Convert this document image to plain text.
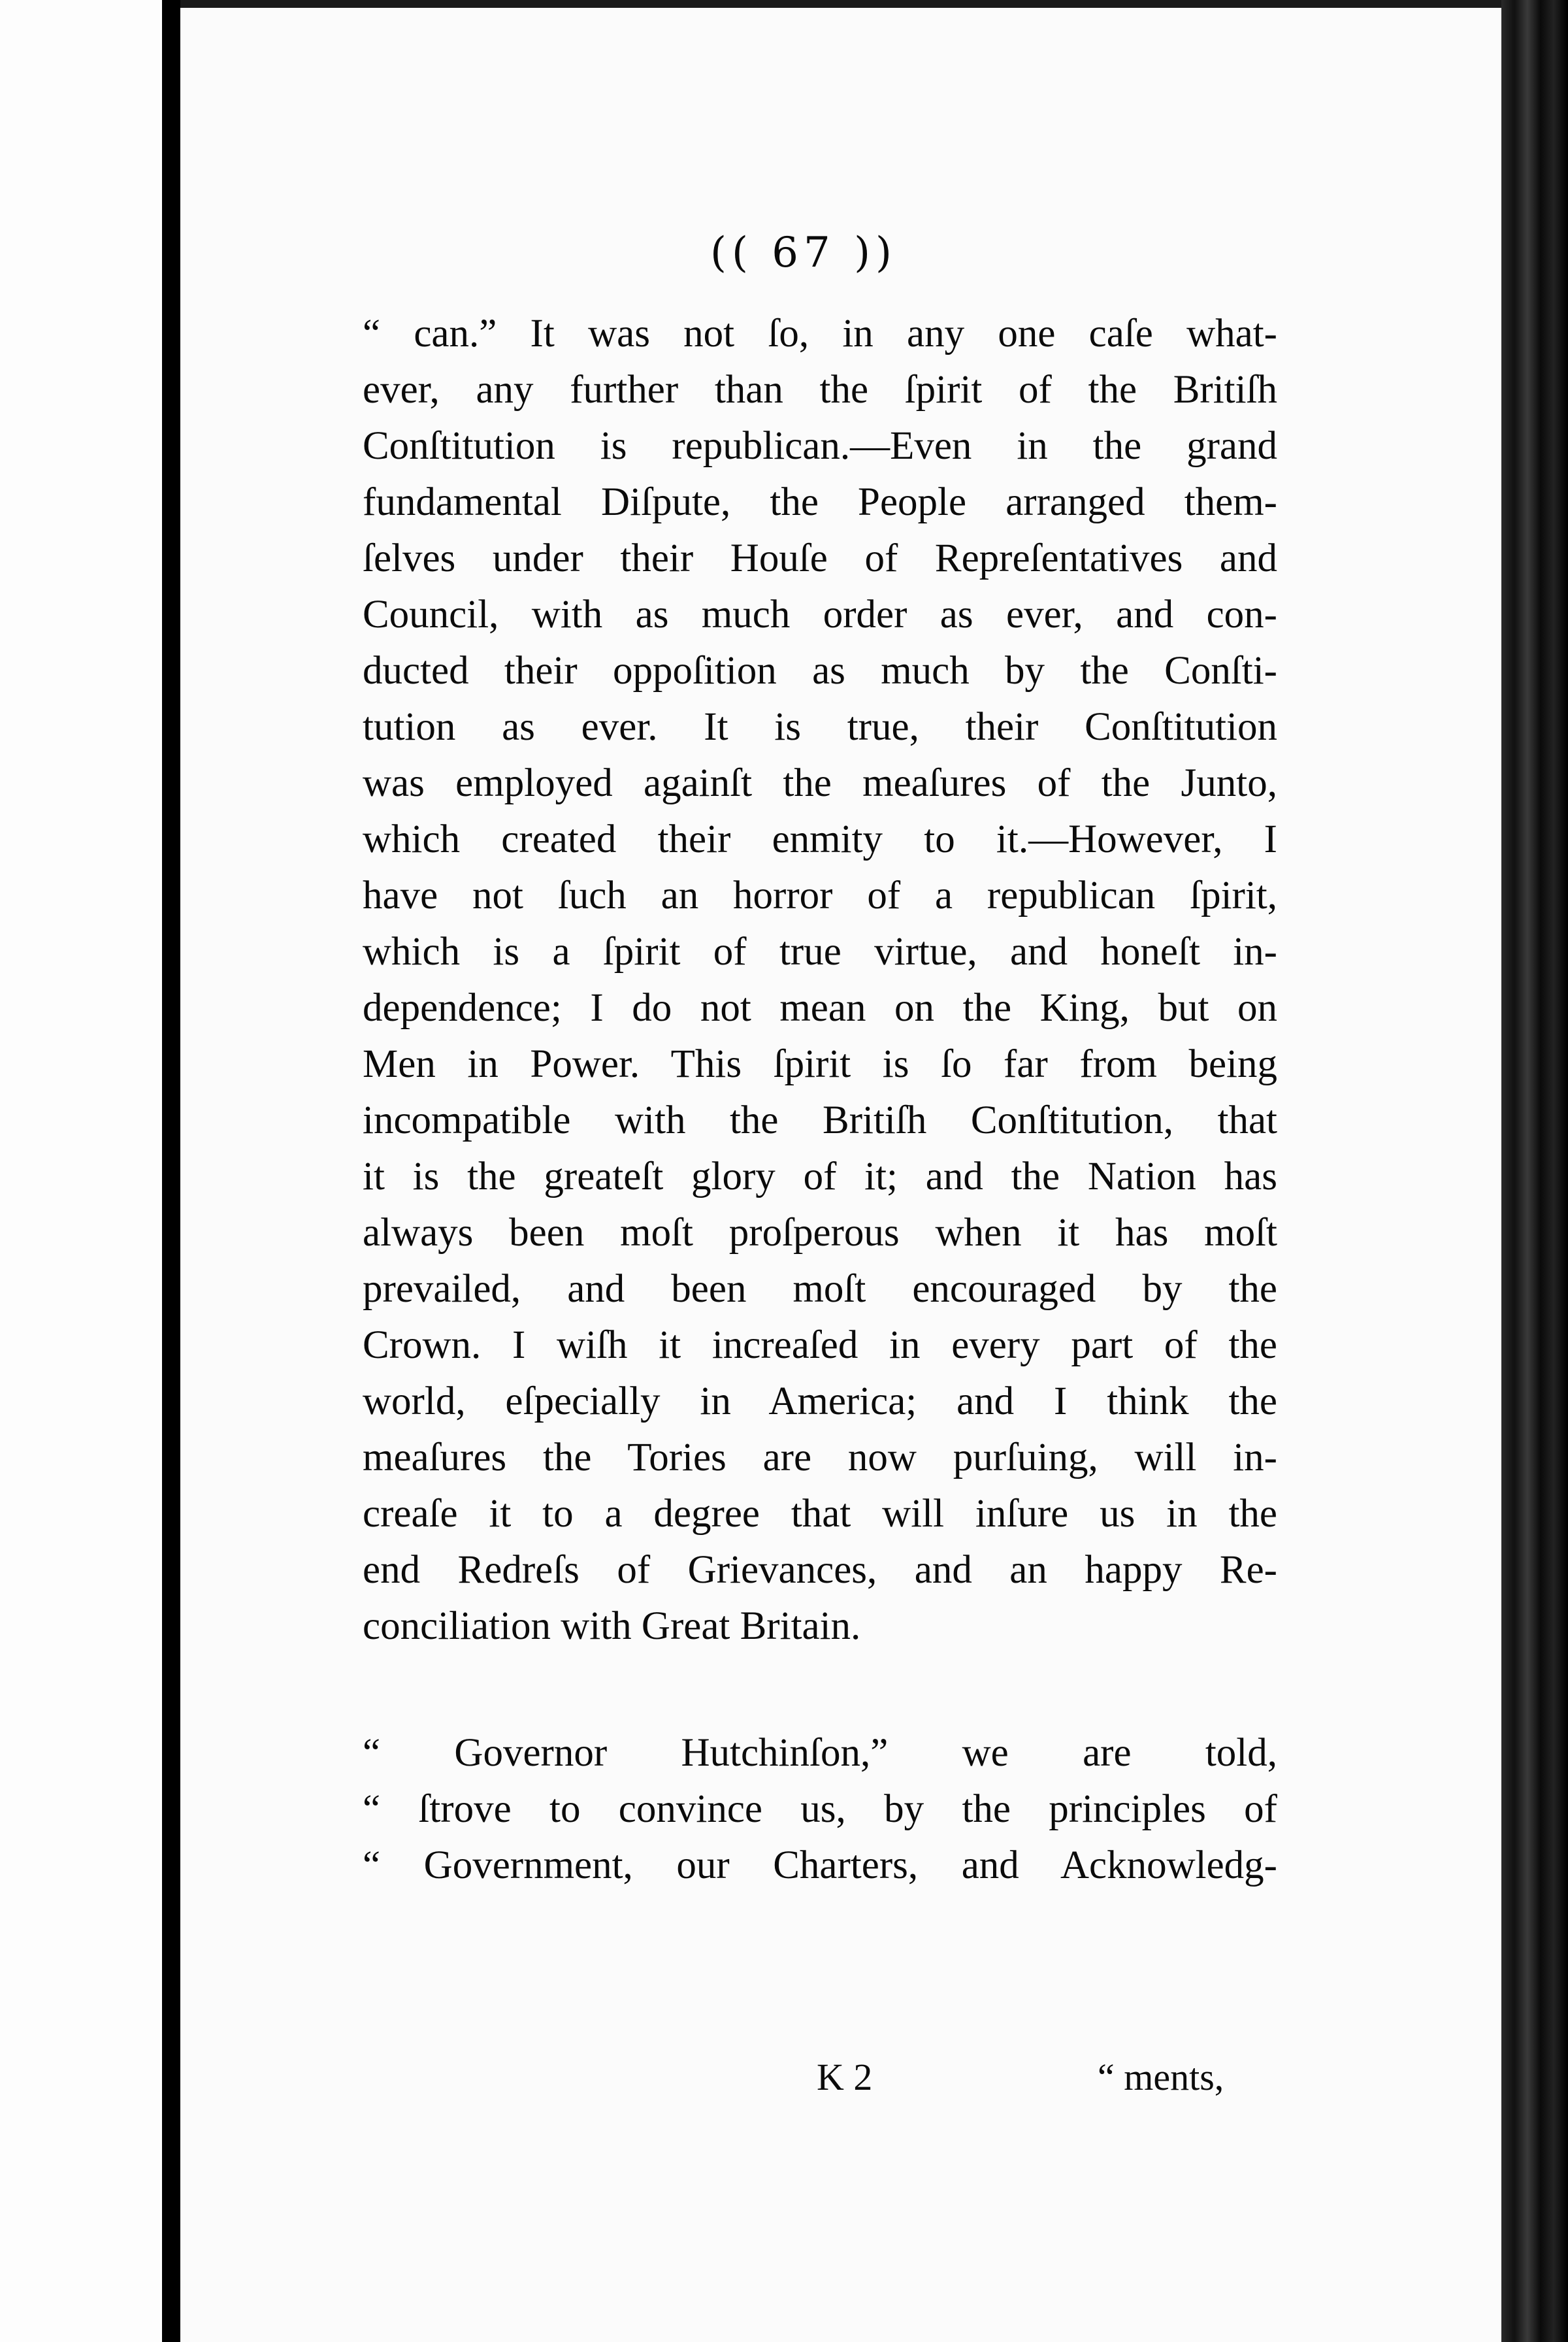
(( 67 ))
“ can.” It was not ſo, in any one caſe what-
ever, any further than the ſpirit of the Britiſh
Conſtitution is republican.—Even in the grand
fundamental Diſpute, the People arranged them-
ſelves under their Houſe of Repreſentatives and
Council, with as much order as ever, and con-
ducted their oppoſition as much by the Conſti-
tution as ever. It is true, their Conſtitution
was employed againſt the meaſures of the Junto,
which created their enmity to it.—However, I
have not ſuch an horror of a republican ſpirit,
which is a ſpirit of true virtue, and honeſt in-
dependence; I do not mean on the King, but on
Men in Power. This ſpirit is ſo far from being
incompatible with the Britiſh Conſtitution, that
it is the greateſt glory of it; and the Nation has
always been moſt proſperous when it has moſt
prevailed, and been moſt encouraged by the
Crown. I wiſh it increaſed in every part of the
world, eſpecially in America; and I think the
meaſures the Tories are now purſuing, will in-
creaſe it to a degree that will inſure us in the
end Redreſs of Grievances, and an happy Re-
conciliation with Great Britain.
“ Governor Hutchinſon,” we are told,
“ ſtrove to convince us, by the principles of
“ Government, our Charters, and Acknowledg-
K 2	“ ments,
